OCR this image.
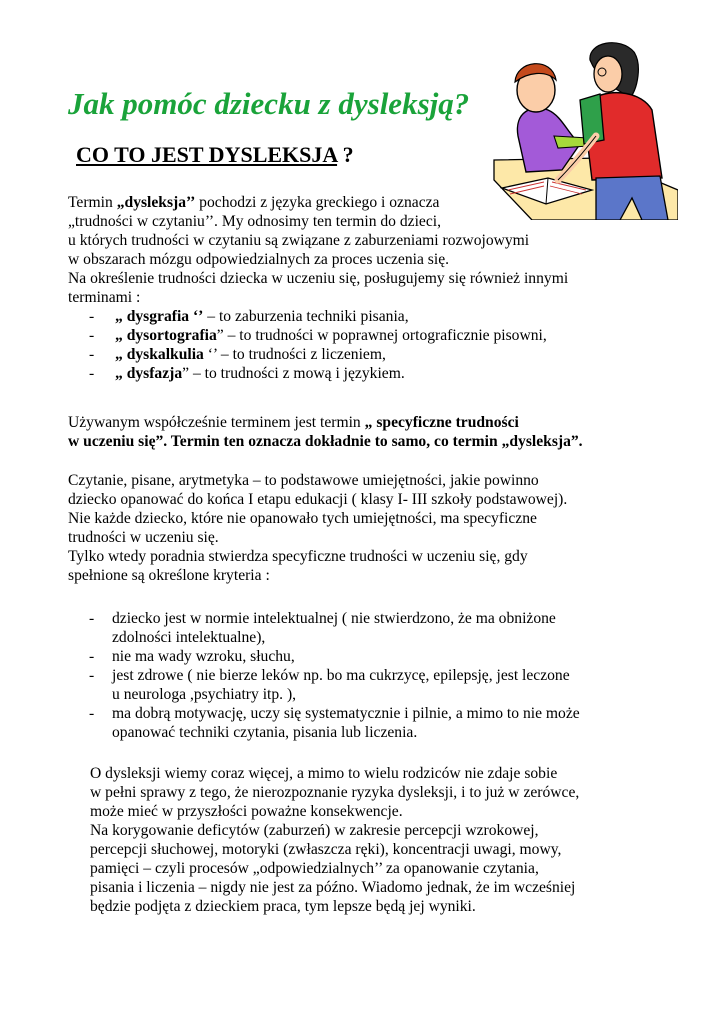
Jak pomóc dziecku z dysleksją?
CO TO JEST DYSLEKSJA ?
Termin „dysleksja’’ pochodzi z języka greckiego i oznacza
„trudności w czytaniu’’. My odnosimy ten termin do dzieci,
u których trudności w czytaniu są związane z zaburzeniami rozwojowymi
w obszarach mózgu odpowiedzialnych za proces uczenia się.
Na określenie trudności dziecka w uczeniu się, posługujemy się również innymi
terminami :
- „ dysgrafia ‘’ – to zaburzenia techniki pisania,
- „ dysortografia” – to trudności w poprawnej ortograficznie pisowni,
- „ dyskalkulia ‘’ – to trudności z liczeniem,
- „ dysfazja” – to trudności z mową i językiem.
Używanym współcześnie terminem jest termin „ specyficzne trudności
w uczeniu się”. Termin ten oznacza dokładnie to samo, co termin „dysleksja”.
Czytanie, pisane, arytmetyka – to podstawowe umiejętności, jakie powinno
dziecko opanować do końca I etapu edukacji ( klasy I- III szkoły podstawowej).
Nie każde dziecko, które nie opanowało tych umiejętności, ma specyficzne
trudności w uczeniu się.
Tylko wtedy poradnia stwierdza specyficzne trudności w uczeniu się, gdy
spełnione są określone kryteria :
- dziecko jest w normie intelektualnej ( nie stwierdzono, że ma obniżone
zdolności intelektualne),
- nie ma wady wzroku, słuchu,
- jest zdrowe ( nie bierze leków np. bo ma cukrzycę, epilepsję, jest leczone
u neurologa ,psychiatry itp. ),
- ma dobrą motywację, uczy się systematycznie i pilnie, a mimo to nie może
opanować techniki czytania, pisania lub liczenia.
O dysleksji wiemy coraz więcej, a mimo to wielu rodziców nie zdaje sobie
w pełni sprawy z tego, że nierozpoznanie ryzyka dysleksji, i to już w zerówce,
może mieć w przyszłości poważne konsekwencje.
Na korygowanie deficytów (zaburzeń) w zakresie percepcji wzrokowej,
percepcji słuchowej, motoryki (zwłaszcza ręki), koncentracji uwagi, mowy,
pamięci – czyli procesów „odpowiedzialnych’’ za opanowanie czytania,
pisania i liczenia – nigdy nie jest za późno. Wiadomo jednak, że im wcześniej
będzie podjęta z dzieckiem praca, tym lepsze będą jej wyniki.
